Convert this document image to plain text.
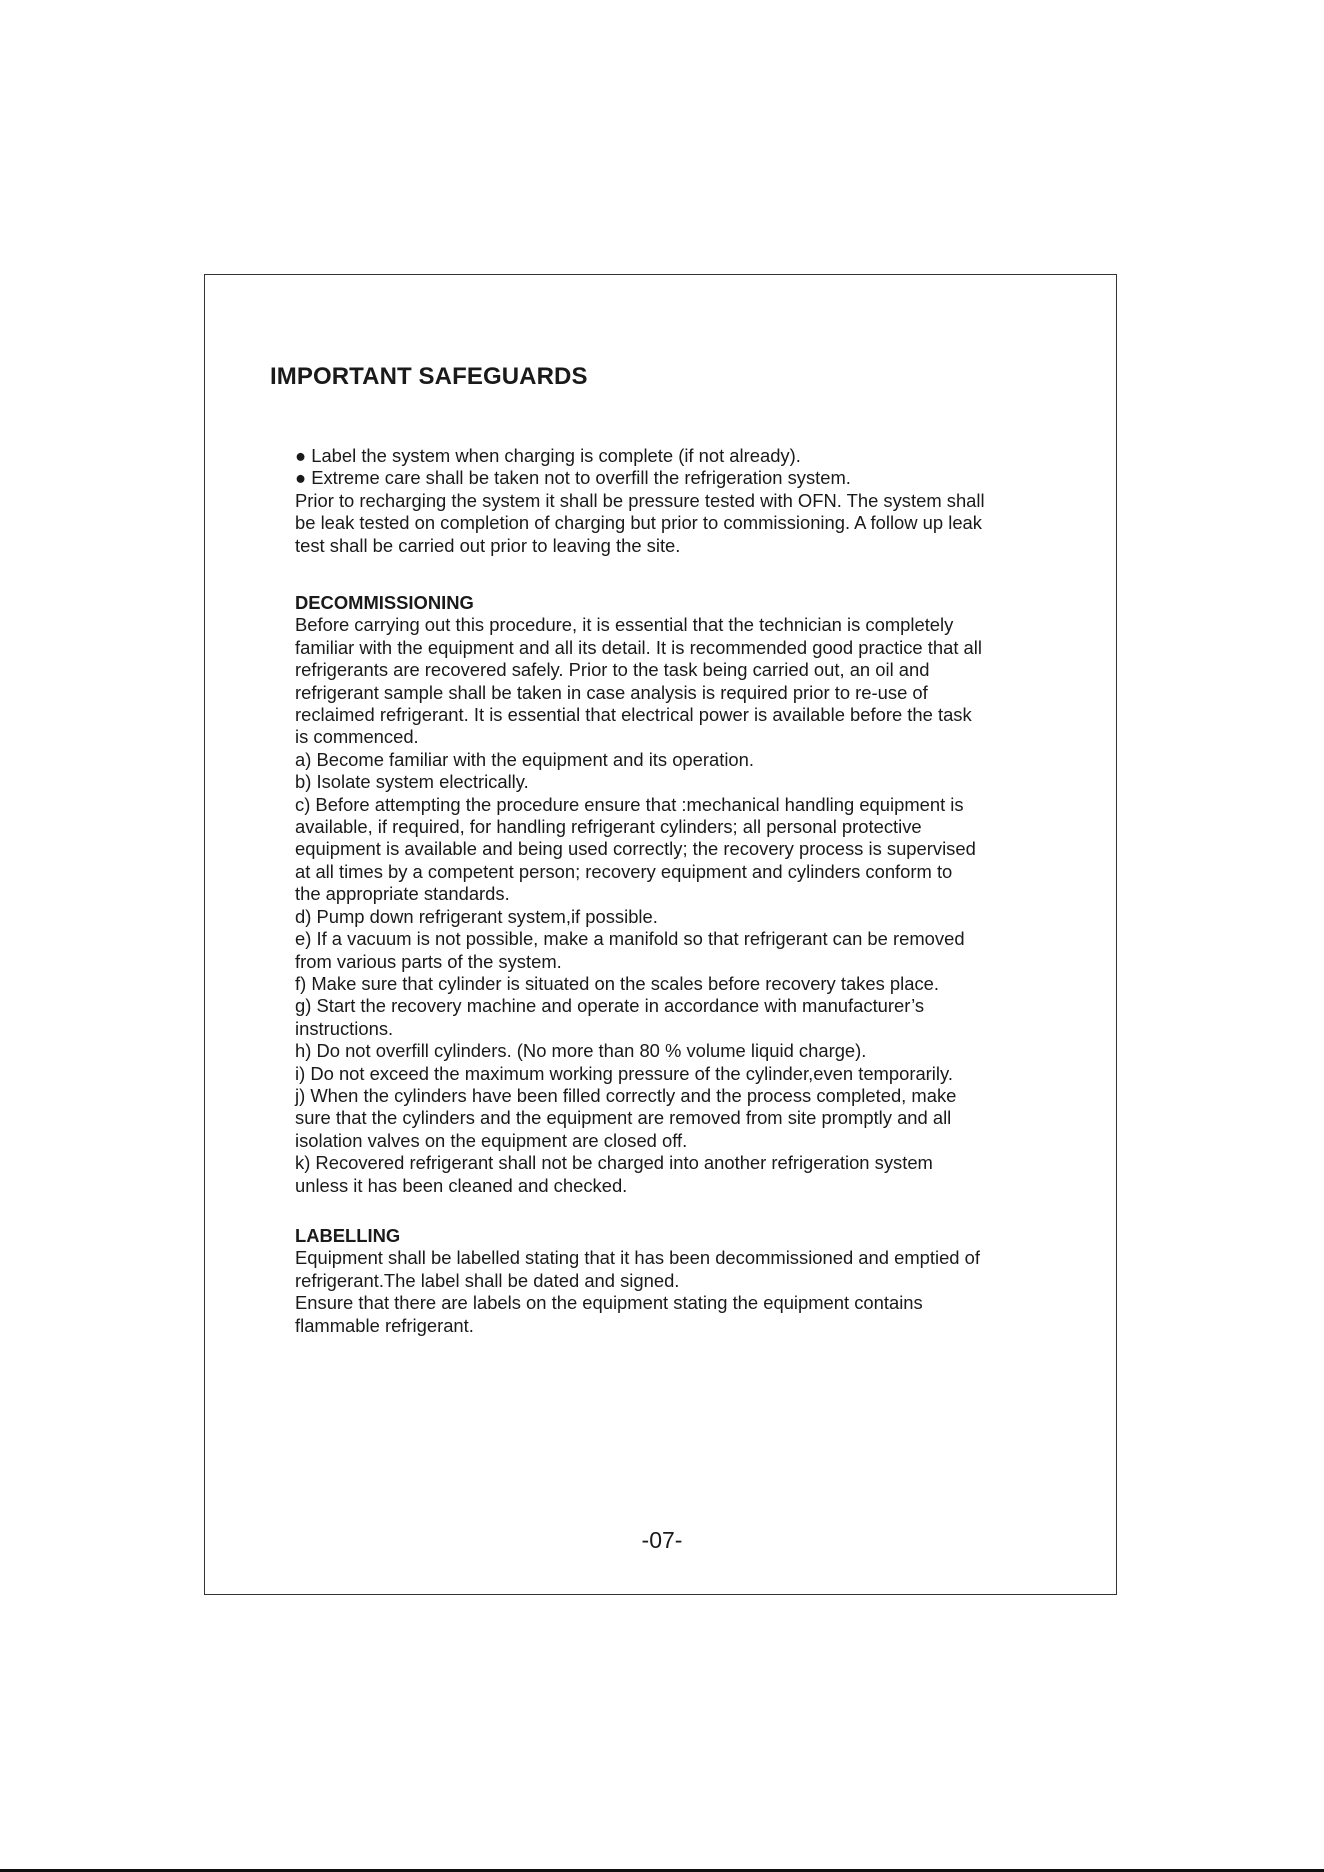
IMPORTANT SAFEGUARDS

● Label the system when charging is complete (if not already).

● Extreme care shall be taken not to overfill the refrigeration system.

Prior to recharging the system it shall be pressure tested with OFN. The system shall

be leak tested on completion of charging but prior to commissioning. A follow up leak

test shall be carried out prior to leaving the site.

DECOMMISSIONING

Before carrying out this procedure, it is essential that the technician is completely

familiar with the equipment and all its detail. It is recommended good practice that all

refrigerants are recovered safely. Prior to the task being carried out, an oil and

refrigerant sample shall be taken in case analysis is required prior to re-use of

reclaimed refrigerant. It is essential that electrical power is available before the task

is commenced.

a) Become familiar with the equipment and its operation.

b) Isolate system electrically.

c) Before attempting the procedure ensure that :mechanical handling equipment is

available, if required, for handling refrigerant cylinders; all personal protective

equipment is available and being used correctly; the recovery process is supervised

at all times by a competent person; recovery equipment and cylinders conform to

the appropriate standards.

d) Pump down refrigerant system,if possible.

e) If a vacuum is not possible, make a manifold so that refrigerant can be removed

from various parts of the system.

f) Make sure that cylinder is situated on the scales before recovery takes place.

g) Start the recovery machine and operate in accordance with manufacturer’s

instructions.

h) Do not overfill cylinders. (No more than 80 % volume liquid charge).

i) Do not exceed the maximum working pressure of the cylinder,even temporarily.

j) When the cylinders have been filled correctly and the process completed, make

sure that the cylinders and the equipment are removed from site promptly and all

isolation valves on the equipment are closed off.

k) Recovered refrigerant shall not be charged into another refrigeration system

unless it has been cleaned and checked.

LABELLING

Equipment shall be labelled stating that it has been decommissioned and emptied of

refrigerant.The label shall be dated and signed.

Ensure that there are labels on the equipment stating the equipment contains

flammable refrigerant.

-07-
